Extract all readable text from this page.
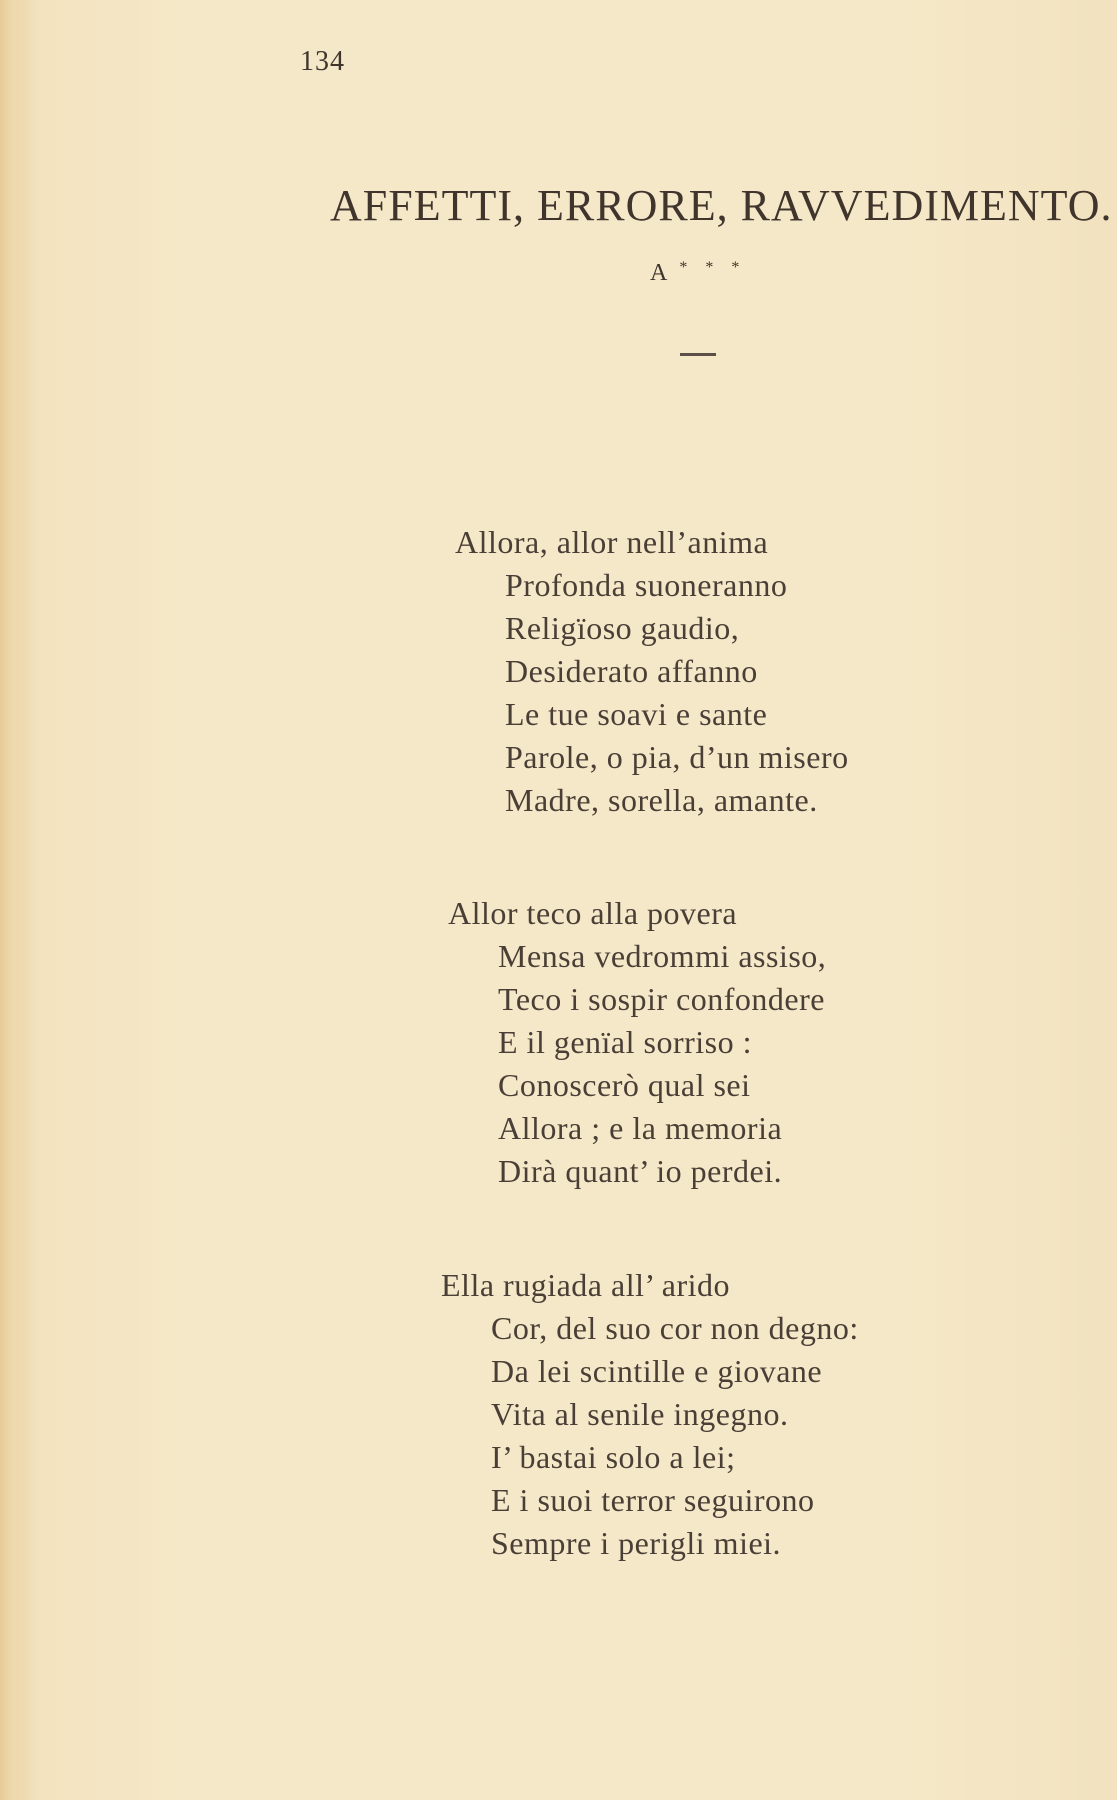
134
AFFETTI, ERRORE, RAVVEDIMENTO.
A * * *
Allora, allor nell’anima
Profonda suoneranno
Religïoso gaudio,
Desiderato affanno
Le tue soavi e sante
Parole, o pia, d’un misero
Madre, sorella, amante.
Allor teco alla povera
Mensa vedrommi assiso,
Teco i sospir confondere
E il genïal sorriso :
Conoscerò qual sei
Allora ; e la memoria
Dirà quant’ io perdei.
Ella rugiada all’ arido
Cor, del suo cor non degno:
Da lei scintille e giovane
Vita al senile ingegno.
I’ bastai solo a lei;
E i suoi terror seguirono
Sempre i perigli miei.
